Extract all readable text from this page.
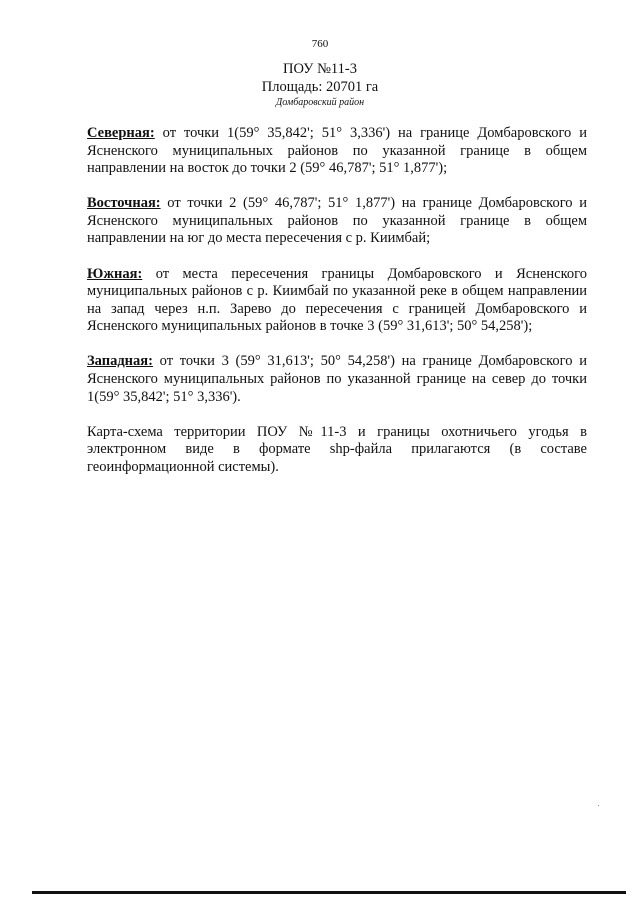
760
ПОУ №11-3
Площадь: 20701 га
Домбаровский район

Северная: от точки 1(59° 35,842'; 51° 3,336') на границе Домбаровского и Ясненского муниципальных районов по указанной границе в общем направлении на восток до точки 2 (59° 46,787'; 51° 1,877');

Восточная: от точки 2 (59° 46,787'; 51° 1,877') на границе Домбаровского и Ясненского муниципальных районов по указанной границе в общем направлении на юг до места пересечения с р. Киимбай;

Южная: от места пересечения границы Домбаровского и Ясненского муниципальных районов с р. Киимбай по указанной реке в общем направлении на запад через н.п. Зарево до пересечения с границей Домбаровского и Ясненского муниципальных районов в точке 3 (59° 31,613'; 50° 54,258');

Западная: от точки 3 (59° 31,613'; 50° 54,258') на границе Домбаровского и Ясненского муниципальных районов по указанной границе на север до точки 1(59° 35,842'; 51° 3,336').

Карта-схема территории ПОУ №11-3 и границы охотничьего угодья в электронном виде в формате shp-файла прилагаются (в составе геоинформационной системы).
